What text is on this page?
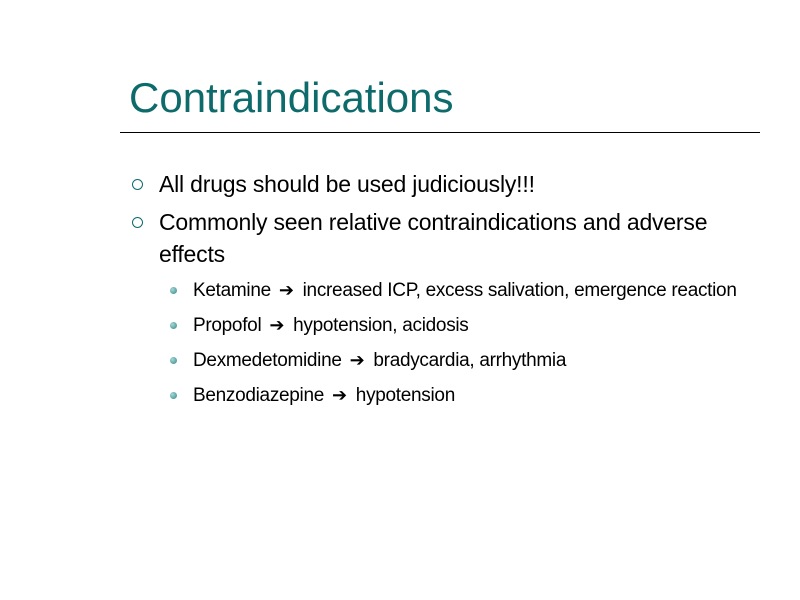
Contraindications
All drugs should be used judiciously!!!
Commonly seen relative contraindications and adverse effects
Ketamine ➔ increased ICP, excess salivation, emergence reaction
Propofol ➔ hypotension, acidosis
Dexmedetomidine ➔ bradycardia, arrhythmia
Benzodiazepine ➔ hypotension
